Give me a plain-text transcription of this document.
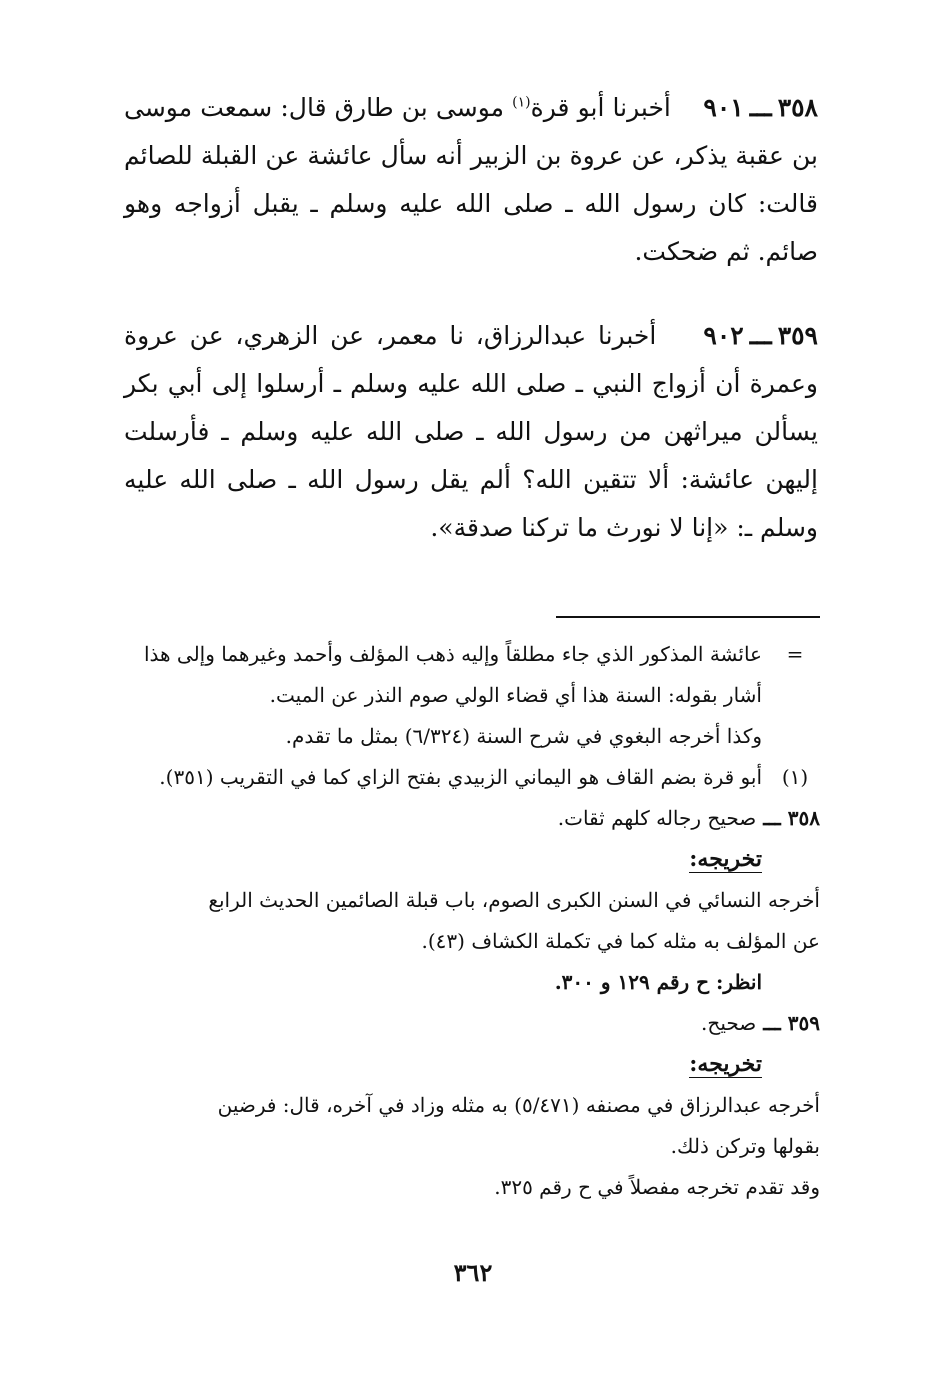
٣٥٨ـــ٩٠١    أخبرنا أبو قرة$^{(١)}$ موسى بن طارق قال: سمعت موسى بن عقبة يذكر، عن عروة بن الزبير أنه سأل عائشة عن القبلة للصائم قالت: كان رسول الله ـ صلى الله عليه وسلم ـ يقبل أزواجه وهو صائم. ثم ضحكت.

٣٥٩ـــ٩٠٢    أخبرنا عبدالرزاق، نا معمر، عن الزهري، عن عروة وعمرة أن أزواج النبي ـ صلى الله عليه وسلم ـ أرسلوا إلى أبي بكر يسألن ميراثهن من رسول الله ـ صلى الله عليه وسلم ـ فأرسلت إليهن عائشة: ألا تتقين الله؟ ألم يقل رسول الله ـ صلى الله عليه وسلم ـ: «إنا لا نورث ما تركنا صدقة».

=
عائشة المذكور الذي جاء مطلقاً وإليه ذهب المؤلف وأحمد وغيرهما وإلى هذا

أشار بقوله: السنة هذا أي قضاء الولي صوم النذر عن الميت.

وكذا أخرجه البغوي في شرح السنة (٦/٣٢٤) بمثل ما تقدم.

(١)
أبو قرة بضم القاف هو اليماني الزبيدي بفتح الزاي كما في التقريب (٣٥١).

٣٥٨ ـــ صحيح رجاله كلهم ثقات.

تخريجه:

أخرجه النسائي في السنن الكبرى الصوم، باب قبلة الصائمين الحديث الرابع

عن المؤلف به مثله كما في تكملة الكشاف (٤٣).

انظر: ح رقم ١٢٩ و ٣٠٠.

٣٥٩ ـــ صحيح.

تخريجه:

أخرجه عبدالرزاق في مصنفه (٥/٤٧١) به مثله وزاد في آخره، قال: فرضين

بقولها وتركن ذلك.

وقد تقدم تخرجه مفصلاً في ح رقم ٣٢٥.

٣٦٢
